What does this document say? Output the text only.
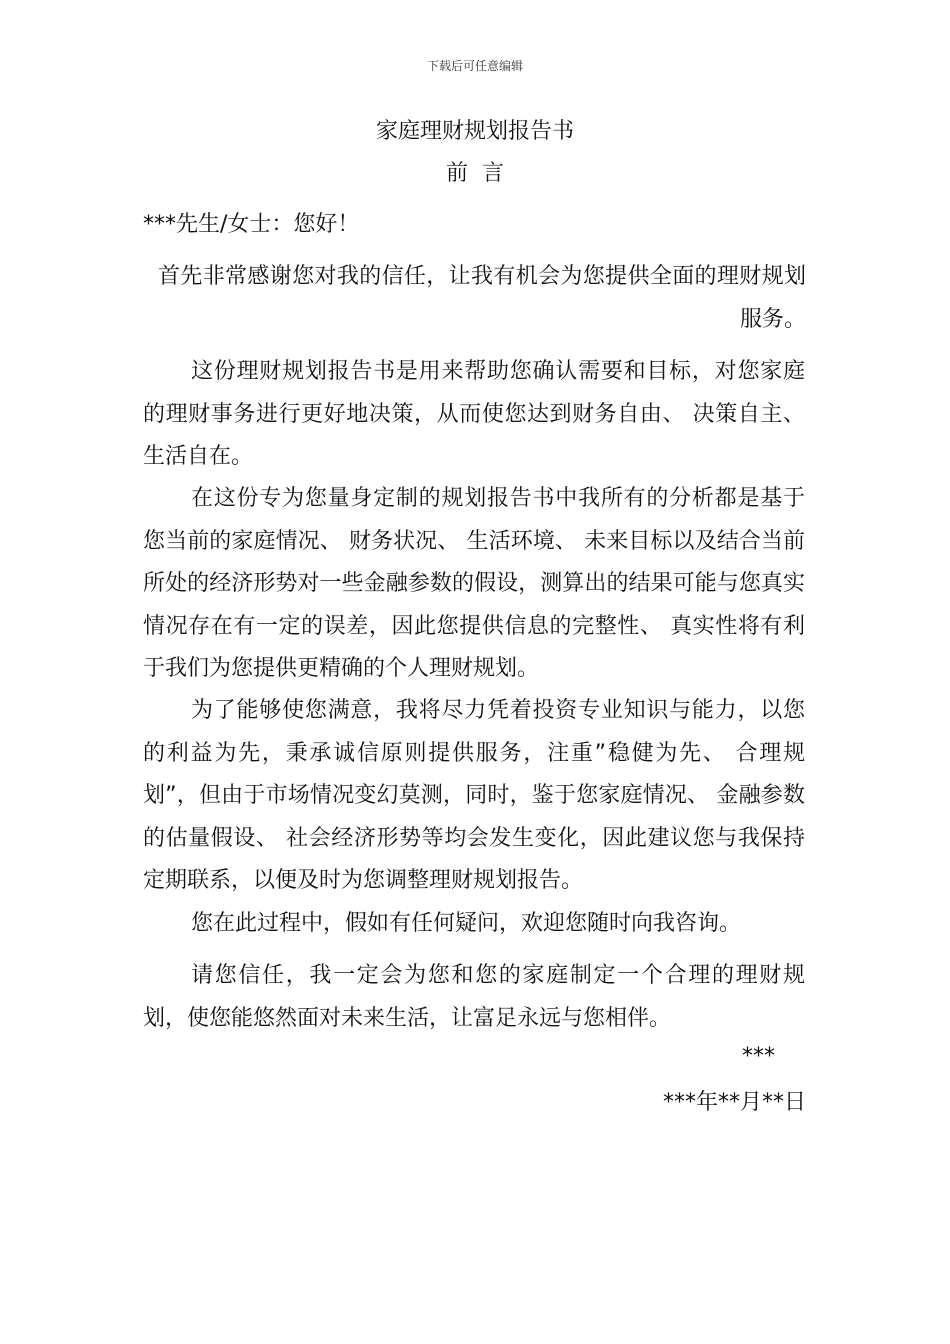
下载后可任意编辑
家庭理财规划报告书
前言
***先生/女士：您好！
首先非常感谢您对我的信任，让我有机会为您提供全面的理财规划服务。

这份理财规划报告书是用来帮助您确认需要和目标，对您家庭的理财事务进行更好地决策，从而使您达到财务自由、 决策自主、 生活自在。

在这份专为您量身定制的规划报告书中我所有的分析都是基于您当前的家庭情况、 财务状况、 生活环境、 未来目标以及结合当前所处的经济形势对一些金融参数的假设，测算出的结果可能与您真实情况存在有一定的误差，因此您提供信息的完整性、 真实性将有利于我们为您提供更精确的个人理财规划。

为了能够使您满意，我将尽力凭着投资专业知识与能力，以您的利益为先，秉承诚信原则提供服务，注重”稳健为先、 合理规划”，但由于市场情况变幻莫测，同时，鉴于您家庭情况、 金融参数的估量假设、 社会经济形势等均会发生变化，因此建议您与我保持定期联系，以便及时为您调整理财规划报告。

您在此过程中，假如有任何疑问，欢迎您随时向我咨询。

请您信任，我一定会为您和您的家庭制定一个合理的理财规划，使您能悠然面对未来生活，让富足永远与您相伴。

***
***年**月**日
